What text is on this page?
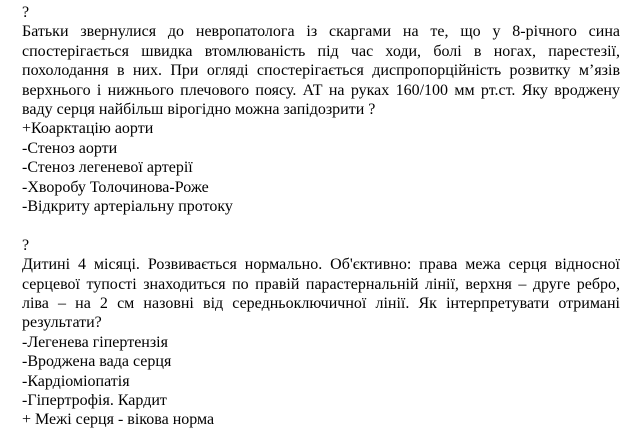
?
Батьки звернулися до невропатолога із скаргами на те, що у 8-річного сина спостерігається швидка втомлюваність під час ходи, болі в ногах, парестезії, похолодання в них. При огляді спостерігається диспропорційність розвитку м’язів верхнього і нижнього плечового поясу. АТ на руках 160/100 мм рт.ст. Яку вроджену ваду серця найбільш вірогідно можна запідозрити ?
+Коарктацію аорти
-Стеноз аорти
-Стеноз легеневої артерії
-Хворобу Толочинова-Роже
-Відкриту артеріальну протоку
?
Дитині 4 місяці. Розвивається нормально. Об'єктивно: права межа серця відносної серцевої тупості знаходиться по правій парастернальній лінії, верхня – друге ребро, ліва – на 2 см назовні від середньоключичної лінії. Як інтерпретувати отримані результати?
-Легенева гіпертензія
-Вроджена вада серця
-Кардіоміопатія
-Гіпертрофія. Кардит
+ Межі серця - вікова норма
